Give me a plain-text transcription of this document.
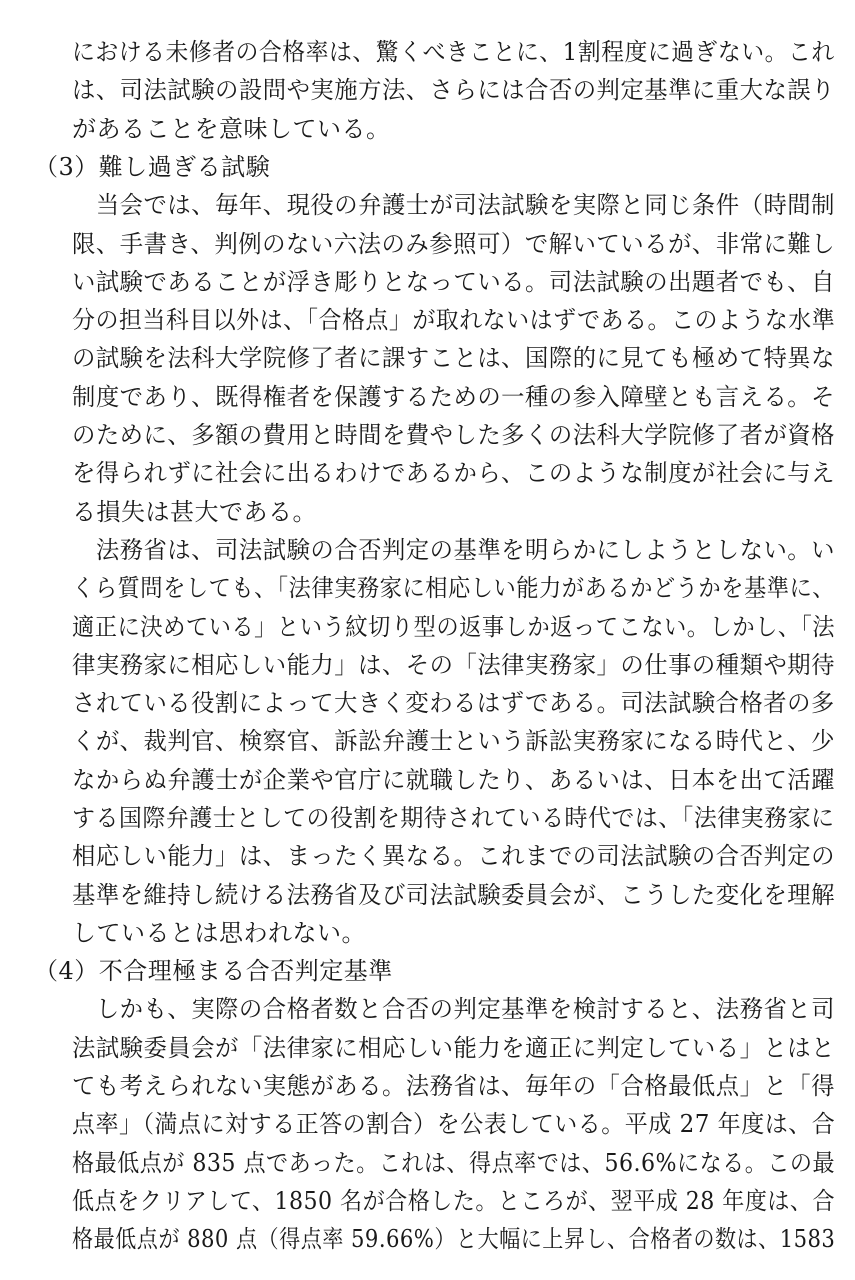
における未修者の合格率は、驚くべきことに、1割程度に過ぎない。これ
は、司法試験の設問や実施方法、さらには合否の判定基準に重大な誤り
があることを意味している。
（3）難し過ぎる試験
　当会では、毎年、現役の弁護士が司法試験を実際と同じ条件（時間制
限、手書き、判例のない六法のみ参照可）で解いているが、非常に難し
い試験であることが浮き彫りとなっている。司法試験の出題者でも、自
分の担当科目以外は、「合格点」が取れないはずである。このような水準
の試験を法科大学院修了者に課すことは、国際的に見ても極めて特異な
制度であり、既得権者を保護するための一種の参入障壁とも言える。そ
のために、多額の費用と時間を費やした多くの法科大学院修了者が資格
を得られずに社会に出るわけであるから、このような制度が社会に与え
る損失は甚大である。
　法務省は、司法試験の合否判定の基準を明らかにしようとしない。い
くら質問をしても、「法律実務家に相応しい能力があるかどうかを基準に、
適正に決めている」という紋切り型の返事しか返ってこない。しかし、「法
律実務家に相応しい能力」は、その「法律実務家」の仕事の種類や期待
されている役割によって大きく変わるはずである。司法試験合格者の多
くが、裁判官、検察官、訴訟弁護士という訴訟実務家になる時代と、少
なからぬ弁護士が企業や官庁に就職したり、あるいは、日本を出て活躍
する国際弁護士としての役割を期待されている時代では、「法律実務家に
相応しい能力」は、まったく異なる。これまでの司法試験の合否判定の
基準を維持し続ける法務省及び司法試験委員会が、こうした変化を理解
しているとは思われない。
（4）不合理極まる合否判定基準
　しかも、実際の合格者数と合否の判定基準を検討すると、法務省と司
法試験委員会が「法律家に相応しい能力を適正に判定している」とはと
ても考えられない実態がある。法務省は、毎年の「合格最低点」と「得
点率」（満点に対する正答の割合）を公表している。平成 27 年度は、合
格最低点が 835 点であった。これは、得点率では、56.6%になる。この最
低点をクリアして、1850 名が合格した。ところが、翌平成 28 年度は、合
格最低点が 880 点（得点率 59.66%）と大幅に上昇し、合格者の数は、1583
